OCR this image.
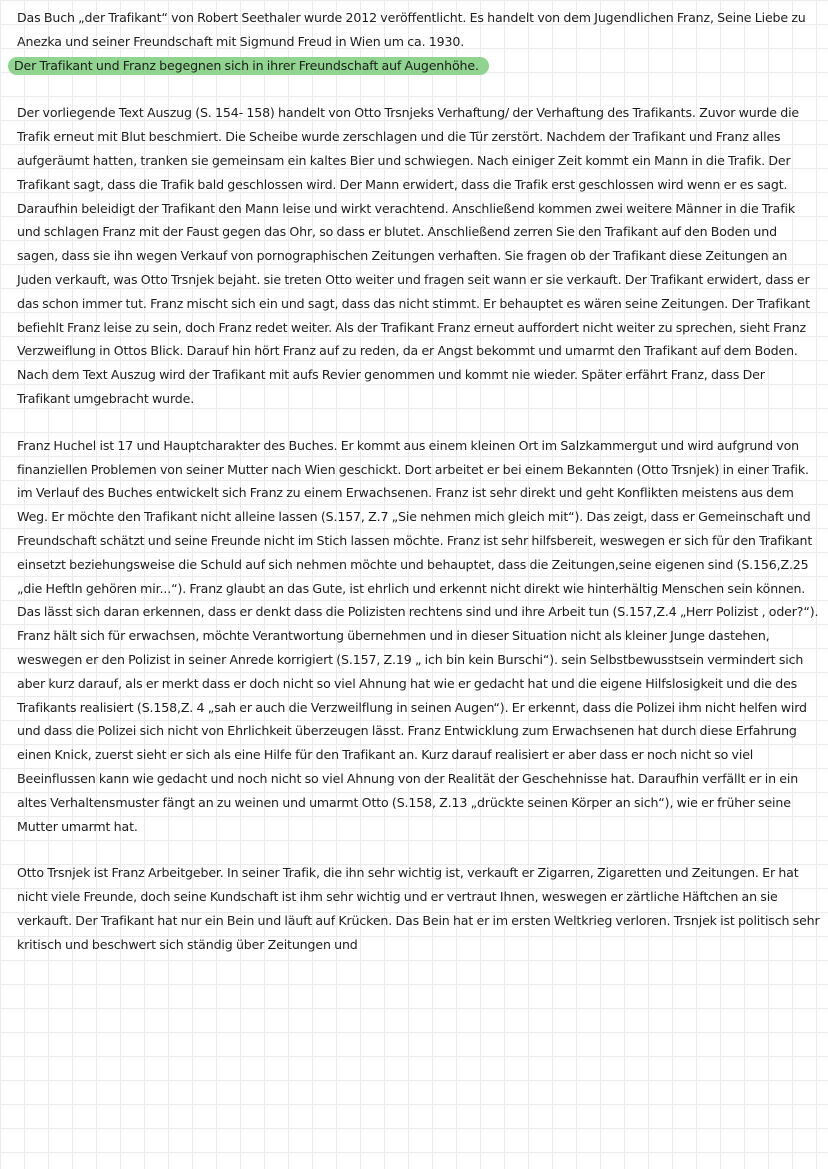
Das Buch „der Trafikant“ von Robert Seethaler wurde 2012 veröffentlicht. Es handelt von dem Jugendlichen Franz, Seine Liebe zu Anezka und seiner Freundschaft mit Sigmund Freud in Wien um ca. 1930.
Der Trafikant und Franz begegnen sich in ihrer Freundschaft auf Augenhöhe.

Der vorliegende Text Auszug (S. 154- 158) handelt von Otto Trsnjeks Verhaftung/ der Verhaftung des Trafikants. Zuvor wurde die Trafik erneut mit Blut beschmiert. Die Scheibe wurde zerschlagen und die Tür zerstört. Nachdem der Trafikant und Franz alles aufgeräumt hatten, tranken sie gemeinsam ein kaltes Bier und schwiegen. Nach einiger Zeit kommt ein Mann in die Trafik. Der Trafikant sagt, dass die Trafik bald geschlossen wird. Der Mann erwidert, dass die Trafik erst geschlossen wird wenn er es sagt. Daraufhin beleidigt der Trafikant den Mann leise und wirkt verachtend. Anschließend kommen zwei weitere Männer in die Trafik und schlagen Franz mit der Faust gegen das Ohr, so dass er blutet. Anschließend zerren Sie den Trafikant auf den Boden und sagen, dass sie ihn wegen Verkauf von pornographischen Zeitungen verhaften. Sie fragen ob der Trafikant diese Zeitungen an Juden verkauft, was Otto Trsnjek bejaht. sie treten Otto weiter und fragen seit wann er sie verkauft. Der Trafikant erwidert, dass er das schon immer tut. Franz mischt sich ein und sagt, dass das nicht stimmt. Er behauptet es wären seine Zeitungen. Der Trafikant befiehlt Franz leise zu sein, doch Franz redet weiter. Als der Trafikant Franz erneut auffordert nicht weiter zu sprechen, sieht Franz Verzweiflung in Ottos Blick. Darauf hin hört Franz auf zu reden, da er Angst bekommt und umarmt den Trafikant auf dem Boden. Nach dem Text Auszug wird der Trafikant mit aufs Revier genommen und kommt nie wieder. Später erfährt Franz, dass Der Trafikant umgebracht wurde.

Franz Huchel ist 17 und Hauptcharakter des Buches. Er kommt aus einem kleinen Ort im Salzkammergut und wird aufgrund von finanziellen Problemen von seiner Mutter nach Wien geschickt. Dort arbeitet er bei einem Bekannten (Otto Trsnjek) in einer Trafik. im Verlauf des Buches entwickelt sich Franz zu einem Erwachsenen. Franz ist sehr direkt und geht Konflikten meistens aus dem Weg. Er möchte den Trafikant nicht alleine lassen (S.157, Z.7 „Sie nehmen mich gleich mit“). Das zeigt, dass er Gemeinschaft und Freundschaft schätzt und seine Freunde nicht im Stich lassen möchte. Franz ist sehr hilfsbereit, weswegen er sich für den Trafikant einsetzt beziehungsweise die Schuld auf sich nehmen möchte und behauptet, dass die Zeitungen,seine eigenen sind (S.156,Z.25 „die Heftln gehören mir...“). Franz glaubt an das Gute, ist ehrlich und erkennt nicht direkt wie hinterhältig Menschen sein können. Das lässt sich daran erkennen, dass er denkt dass die Polizisten rechtens sind und ihre Arbeit tun (S.157,Z.4 „Herr Polizist , oder?“). Franz hält sich für erwachsen, möchte Verantwortung übernehmen und in dieser Situation nicht als kleiner Junge dastehen, weswegen er den Polizist in seiner Anrede korrigiert (S.157, Z.19 „ ich bin kein Burschi“). sein Selbstbewusstsein vermindert sich aber kurz darauf, als er merkt dass er doch nicht so viel Ahnung hat wie er gedacht hat und die eigene Hilfslosigkeit und die des Trafikants realisiert (S.158,Z. 4 „sah er auch die Verzweilflung in seinen Augen“). Er erkennt, dass die Polizei ihm nicht helfen wird und dass die Polizei sich nicht von Ehrlichkeit überzeugen lässt. Franz Entwicklung zum Erwachsenen hat durch diese Erfahrung einen Knick, zuerst sieht er sich als eine Hilfe für den Trafikant an. Kurz darauf realisiert er aber dass er noch nicht so viel Beeinflussen kann wie gedacht und noch nicht so viel Ahnung von der Realität der Geschehnisse hat. Daraufhin verfällt er in ein altes Verhaltensmuster fängt an zu weinen und umarmt Otto (S.158, Z.13 „drückte seinen Körper an sich“), wie er früher seine Mutter umarmt hat.

Otto Trsnjek ist Franz Arbeitgeber. In seiner Trafik, die ihn sehr wichtig ist, verkauft er Zigarren, Zigaretten und Zeitungen. Er hat nicht viele Freunde, doch seine Kundschaft ist ihm sehr wichtig und er vertraut Ihnen, weswegen er zärtliche Häftchen an sie verkauft. Der Trafikant hat nur ein Bein und läuft auf Krücken. Das Bein hat er im ersten Weltkrieg verloren. Trsnjek ist politisch sehr kritisch und beschwert sich ständig über Zeitungen und
